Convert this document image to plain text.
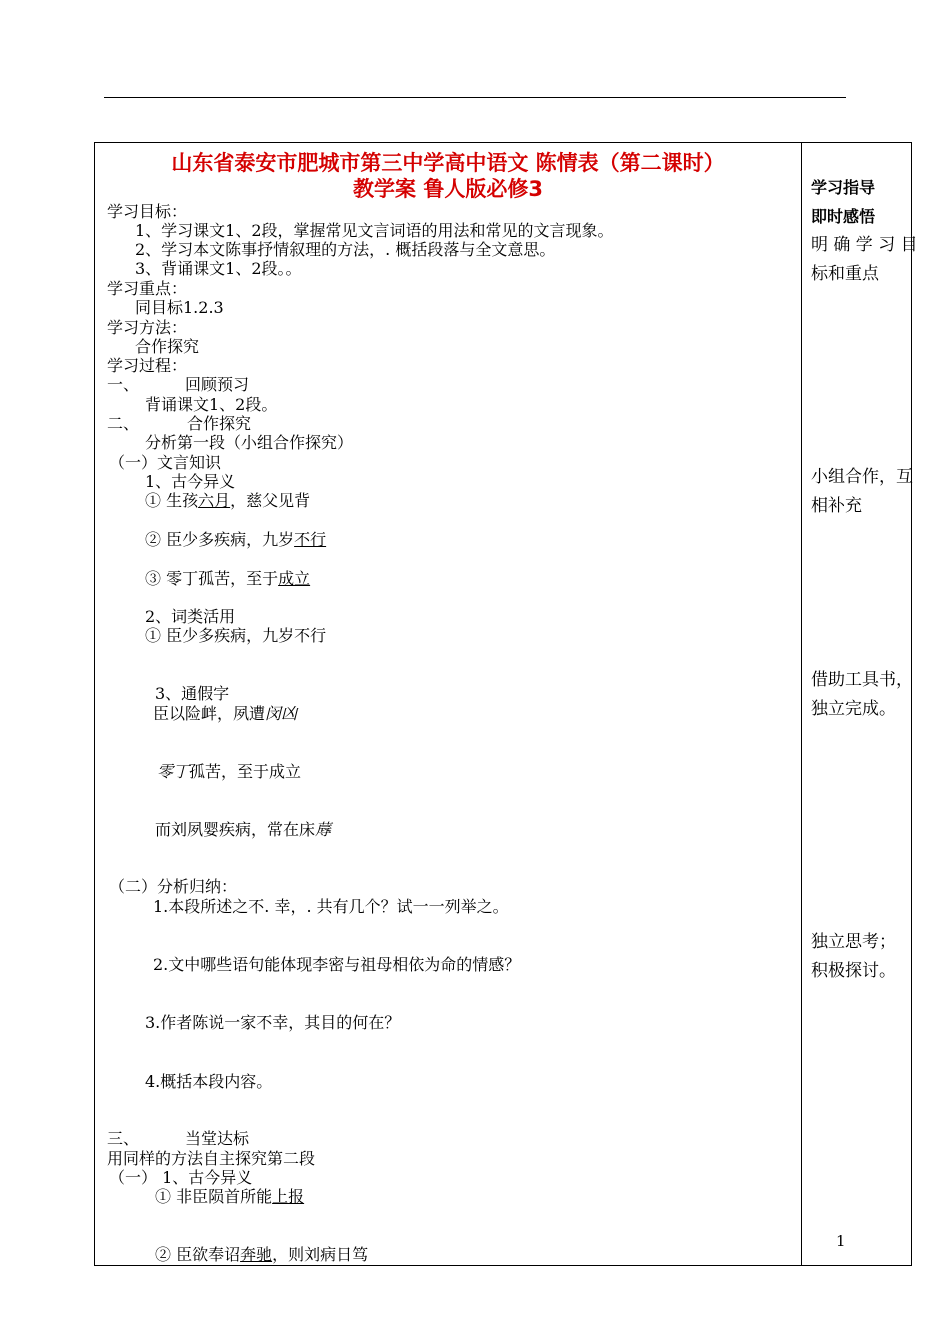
山东省泰安市肥城市第三中学高中语文 陈情表（第二课时）
教学案 鲁人版必修3
学习目标：
1、学习课文1、2段，掌握常见文言词语的用法和常见的文言现象。
2、学习本文陈事抒情叙理的方法，. 概括段落与全文意思。
3、背诵课文1、2段。。
学习重点：
同目标1.2.3
学习方法：
合作探究
学习过程：
一、	回顾预习
背诵课文1、2段。
二、	合作探究
分析第一段（小组合作探究）
（一）文言知识
1、古今异义
① 生孩六月，慈父见背
② 臣少多疾病，九岁不行
③ 零丁孤苦，至于成立
2、词类活用
① 臣少多疾病，九岁不行
3、通假字
臣以险衅，夙遭闵凶
零丁孤苦，至于成立
而刘夙婴疾病，常在床蓐
（二）分析归纳：
1.本段所述之不. 幸，. 共有几个？试一一列举之。
2.文中哪些语句能体现李密与祖母相依为命的情感？
3.作者陈说一家不幸，其目的何在？
4.概括本段内容。
三、	当堂达标
用同样的方法自主探究第二段
（一） 1、古今异义
① 非臣陨首所能上报
② 臣欲奉诏奔驰，则刘病日笃
学习指导
即时感悟
明 确 学 习 目
标和重点
小组合作，互
相补充
借助工具书，
独立完成。
独立思考；
积极探讨。
1
